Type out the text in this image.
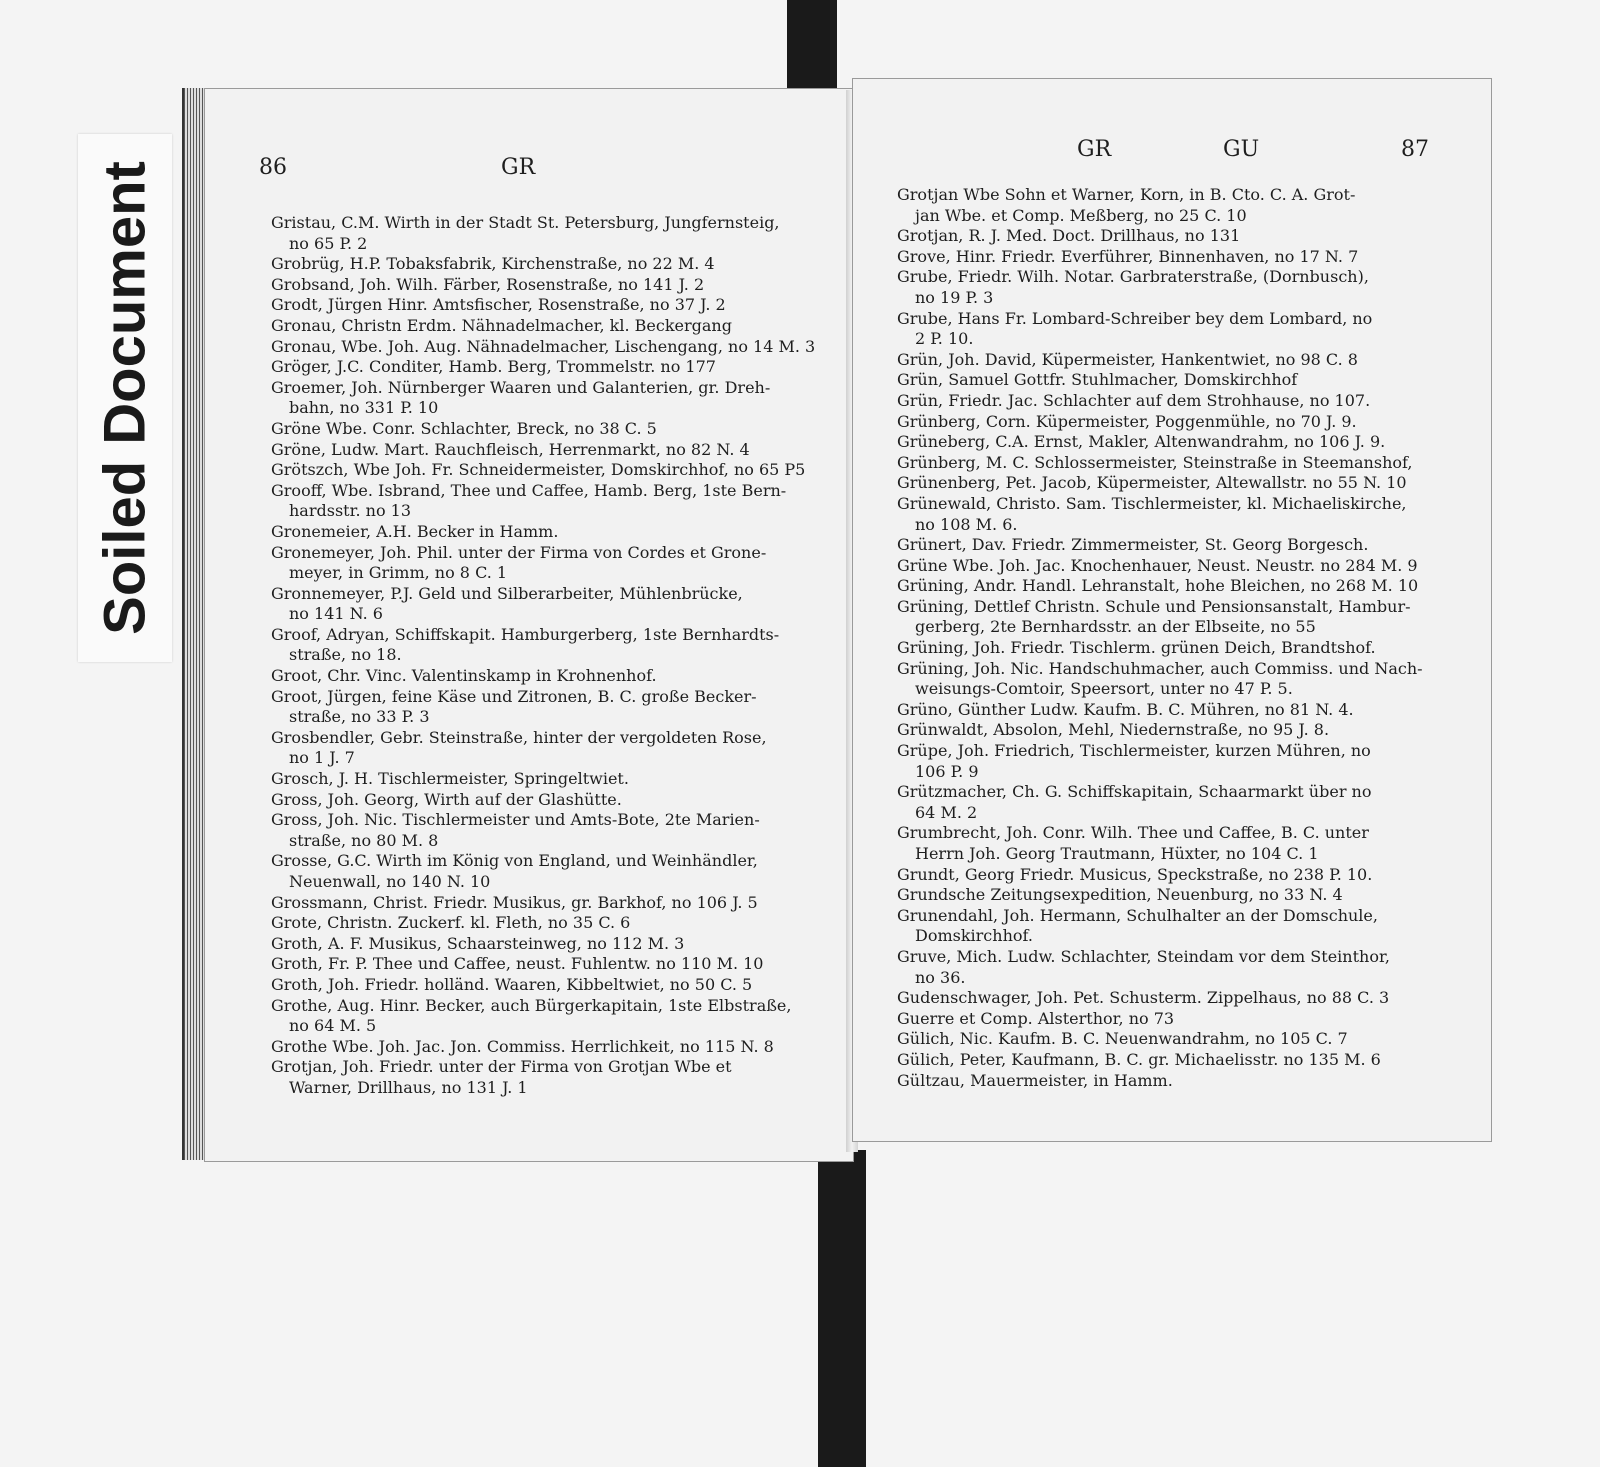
Soiled Document	86	GR

Gristau, C.M. Wirth in der Stadt St. Petersburg, Jungfernsteig,

no 65 P. 2

Grobrüg, H.P. Tobaksfabrik, Kirchenstraße, no 22 M. 4

Grobsand, Joh. Wilh. Färber, Rosenstraße, no 141 J. 2

Grodt, Jürgen Hinr. Amtsfischer, Rosenstraße, no 37 J. 2

Gronau, Christn Erdm. Nähnadelmacher, kl. Beckergang

Gronau, Wbe. Joh. Aug. Nähnadelmacher, Lischengang, no 14 M. 3

Gröger, J.C. Conditer, Hamb. Berg, Trommelstr. no 177

Groemer, Joh. Nürnberger Waaren und Galanterien, gr. Dreh-

bahn, no 331 P. 10

Gröne Wbe. Conr. Schlachter, Breck, no 38 C. 5

Gröne, Ludw. Mart. Rauchfleisch, Herrenmarkt, no 82 N. 4

Grötszch, Wbe Joh. Fr. Schneidermeister, Domskirchhof, no 65 P5

Grooff, Wbe. Isbrand, Thee und Caffee, Hamb. Berg, 1ste Bern-

hardsstr. no 13

Gronemeier, A.H. Becker in Hamm.

Gronemeyer, Joh. Phil. unter der Firma von Cordes et Grone-

meyer, in Grimm, no 8 C. 1

Gronnemeyer, P.J. Geld und Silberarbeiter, Mühlenbrücke,

no 141 N. 6

Groof, Adryan, Schiffskapit. Hamburgerberg, 1ste Bernhardts-

straße, no 18.

Groot, Chr. Vinc. Valentinskamp in Krohnenhof.

Groot, Jürgen, feine Käse und Zitronen, B. C. große Becker-

straße, no 33 P. 3

Grosbendler, Gebr. Steinstraße, hinter der vergoldeten Rose,

no 1 J. 7

Grosch, J. H. Tischlermeister, Springeltwiet.

Gross, Joh. Georg, Wirth auf der Glashütte.

Gross, Joh. Nic. Tischlermeister und Amts-Bote, 2te Marien-

straße, no 80 M. 8

Grosse, G.C. Wirth im König von England, und Weinhändler,

Neuenwall, no 140 N. 10

Grossmann, Christ. Friedr. Musikus, gr. Barkhof, no 106 J. 5

Grote, Christn. Zuckerf. kl. Fleth, no 35 C. 6

Groth, A. F. Musikus, Schaarsteinweg, no 112 M. 3

Groth, Fr. P. Thee und Caffee, neust. Fuhlentw. no 110 M. 10

Groth, Joh. Friedr. holländ. Waaren, Kibbeltwiet, no 50 C. 5

Grothe, Aug. Hinr. Becker, auch Bürgerkapitain, 1ste Elbstraße,

no 64 M. 5

Grothe Wbe. Joh. Jac. Jon. Commiss. Herrlichkeit, no 115 N. 8

Grotjan, Joh. Friedr. unter der Firma von Grotjan Wbe et

Warner, Drillhaus, no 131 J. 1

GR	GU	87

Grotjan Wbe Sohn et Warner, Korn, in B. Cto. C. A. Grot-

jan Wbe. et Comp. Meßberg, no 25 C. 10

Grotjan, R. J. Med. Doct. Drillhaus, no 131

Grove, Hinr. Friedr. Everführer, Binnenhaven, no 17 N. 7

Grube, Friedr. Wilh. Notar. Garbraterstraße, (Dornbusch),

no 19 P. 3

Grube, Hans Fr. Lombard-Schreiber bey dem Lombard, no

2 P. 10.

Grün, Joh. David, Küpermeister, Hankentwiet, no 98 C. 8

Grün, Samuel Gottfr. Stuhlmacher, Domskirchhof

Grün, Friedr. Jac. Schlachter auf dem Strohhause, no 107.

Grünberg, Corn. Küpermeister, Poggenmühle, no 70 J. 9.

Grüneberg, C.A. Ernst, Makler, Altenwandrahm, no 106 J. 9.

Grünberg, M. C. Schlossermeister, Steinstraße in Steemanshof,

Grünenberg, Pet. Jacob, Küpermeister, Altewallstr. no 55 N. 10

Grünewald, Christo. Sam. Tischlermeister, kl. Michaeliskirche,

no 108 M. 6.

Grünert, Dav. Friedr. Zimmermeister, St. Georg Borgesch.

Grüne Wbe. Joh. Jac. Knochenhauer, Neust. Neustr. no 284 M. 9

Grüning, Andr. Handl. Lehranstalt, hohe Bleichen, no 268 M. 10

Grüning, Dettlef Christn. Schule und Pensionsanstalt, Hambur-

gerberg, 2te Bernhardsstr. an der Elbseite, no 55

Grüning, Joh. Friedr. Tischlerm. grünen Deich, Brandtshof.

Grüning, Joh. Nic. Handschuhmacher, auch Commiss. und Nach-

weisungs-Comtoir, Speersort, unter no 47 P. 5.

Grüno, Günther Ludw. Kaufm. B. C. Mühren, no 81 N. 4.

Grünwaldt, Absolon, Mehl, Niedernstraße, no 95 J. 8.

Grüpe, Joh. Friedrich, Tischlermeister, kurzen Mühren, no

106 P. 9

Grützmacher, Ch. G. Schiffskapitain, Schaarmarkt über no

64 M. 2

Grumbrecht, Joh. Conr. Wilh. Thee und Caffee, B. C. unter

Herrn Joh. Georg Trautmann, Hüxter, no 104 C. 1

Grundt, Georg Friedr. Musicus, Speckstraße, no 238 P. 10.

Grundsche Zeitungsexpedition, Neuenburg, no 33 N. 4

Grunendahl, Joh. Hermann, Schulhalter an der Domschule,

Domskirchhof.

Gruve, Mich. Ludw. Schlachter, Steindam vor dem Steinthor,

no 36.

Gudenschwager, Joh. Pet. Schusterm. Zippelhaus, no 88 C. 3

Guerre et Comp. Alsterthor, no 73

Gülich, Nic. Kaufm. B. C. Neuenwandrahm, no 105 C. 7

Gülich, Peter, Kaufmann, B. C. gr. Michaelisstr. no 135 M. 6

Gültzau, Mauermeister, in Hamm.
